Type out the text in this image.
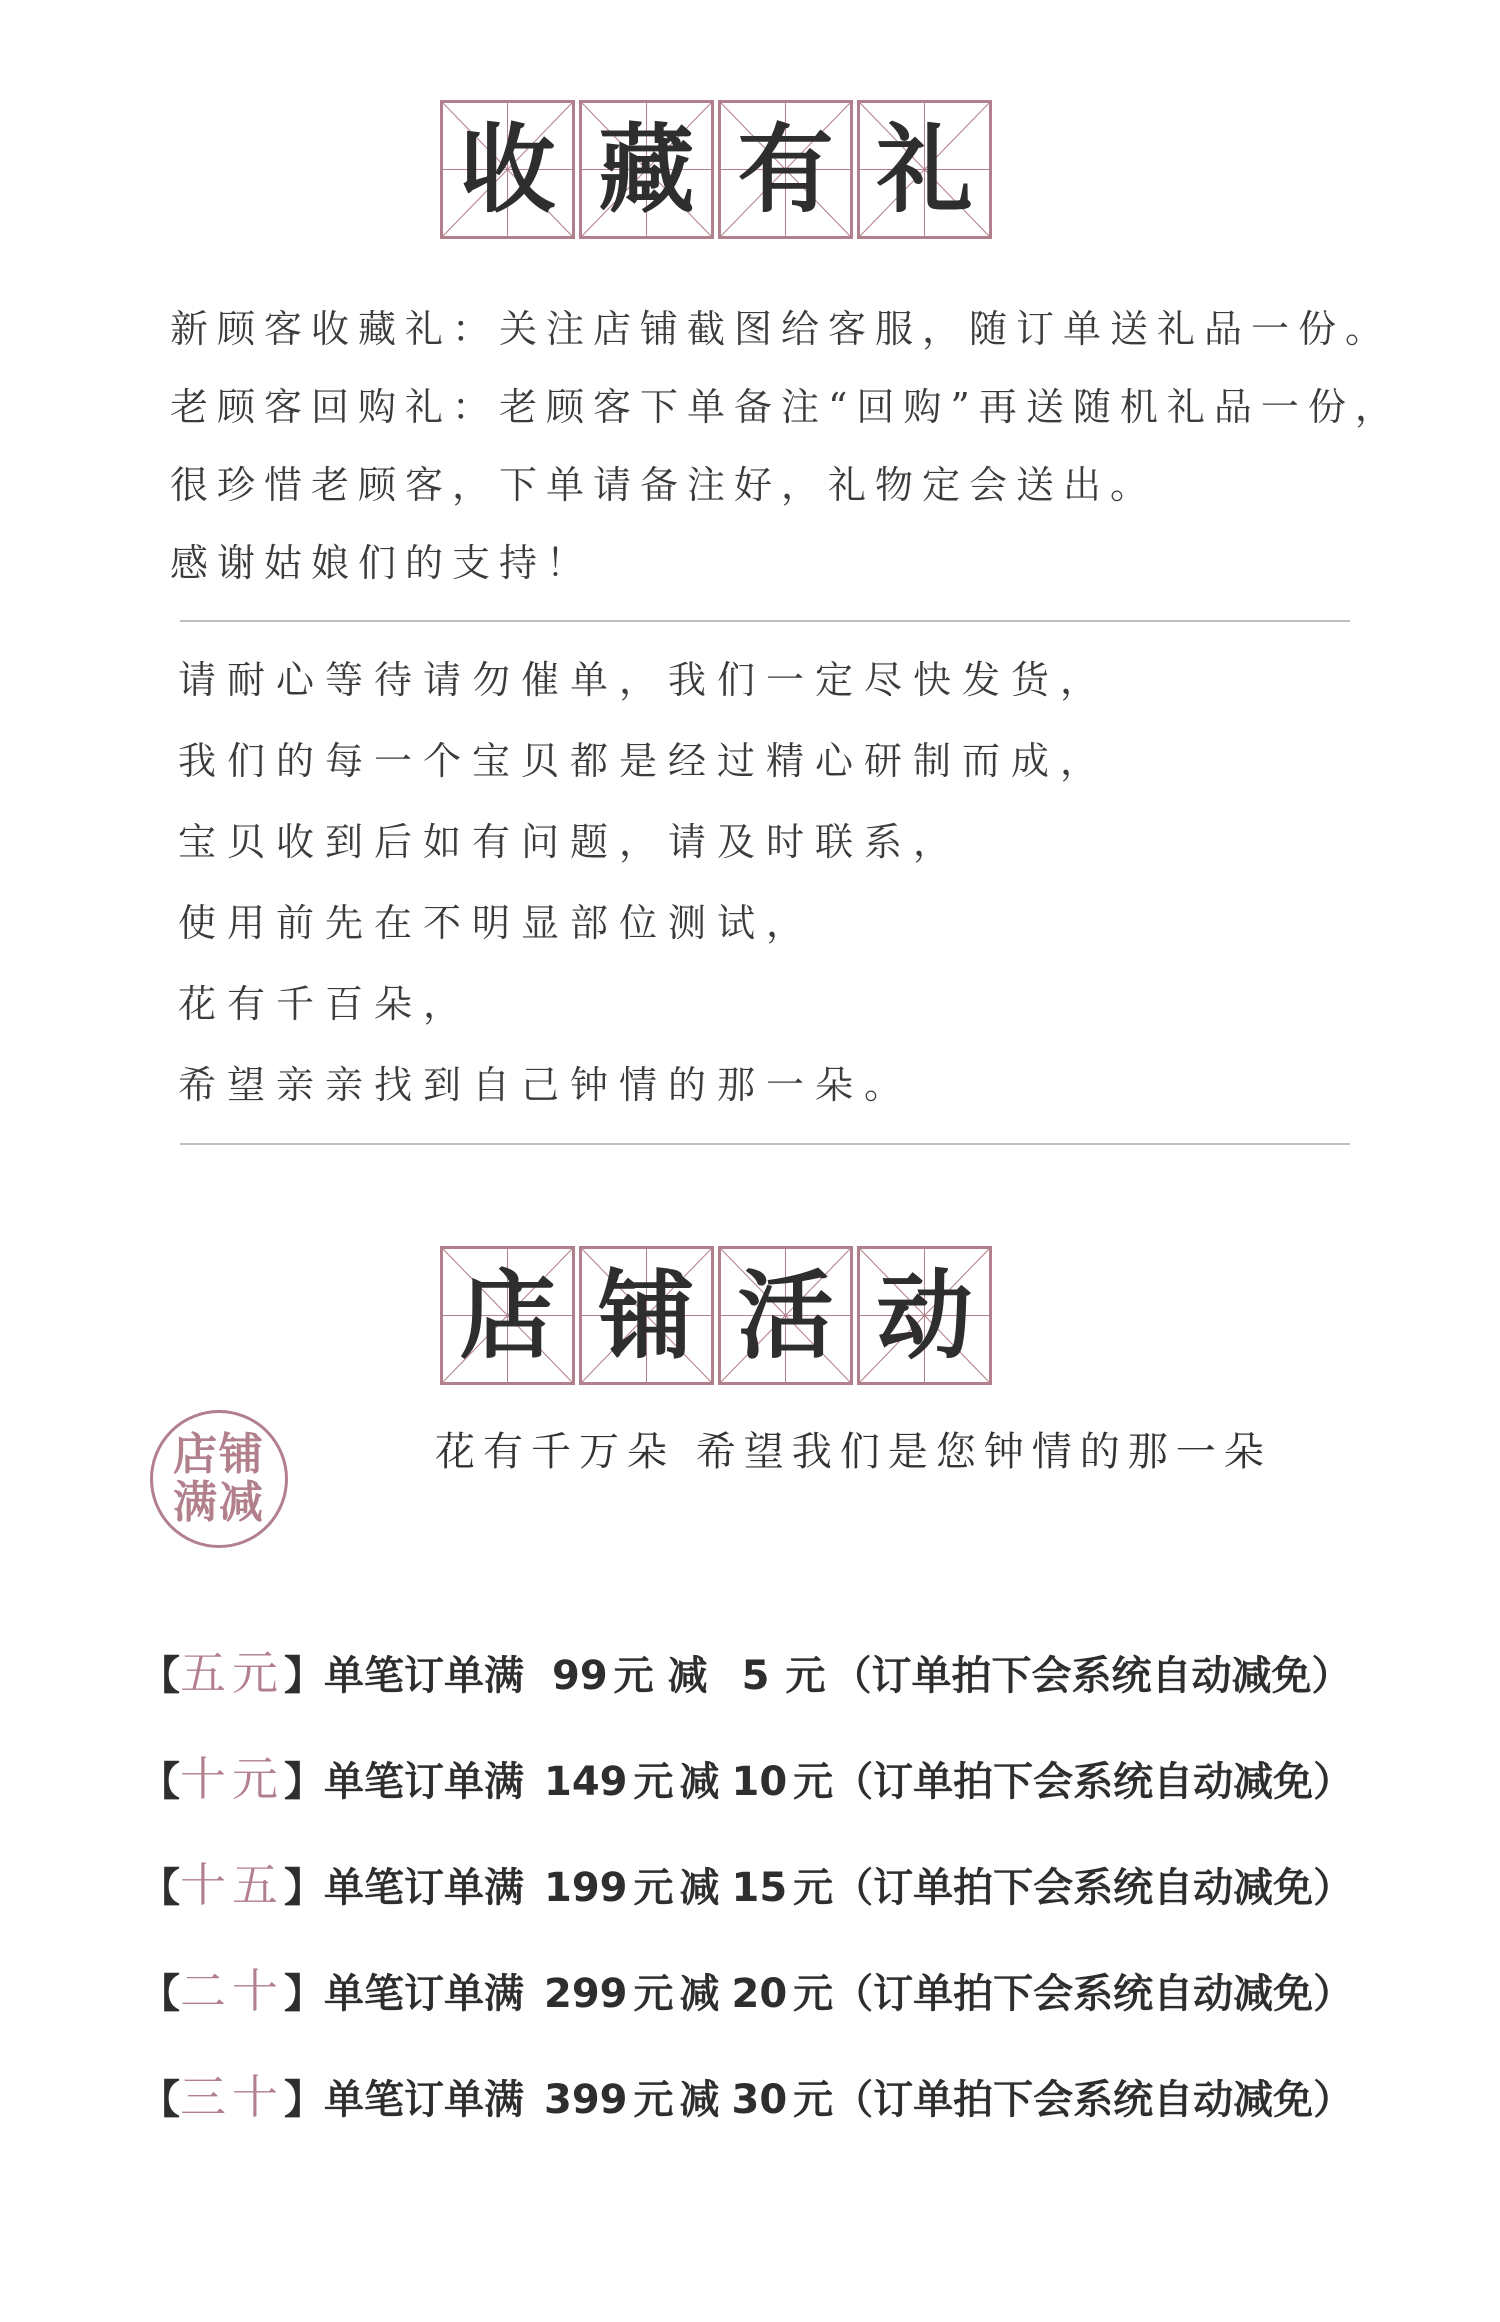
收 藏 有 礼
新顾客收藏礼：关注店铺截图给客服，随订单送礼品一份。
老顾客回购礼：老顾客下单备注“回购”再送随机礼品一份，
很珍惜老顾客，下单请备注好，礼物定会送出。
感谢姑娘们的支持！
请耐心等待请勿催单，我们一定尽快发货，
我们的每一个宝贝都是经过精心研制而成，
宝贝收到后如有问题，请及时联系，
使用前先在不明显部位测试，
花有千百朵，
希望亲亲找到自己钟情的那一朵。
店 铺 活 动
店铺满减
花有千万朵 希望我们是您钟情的那一朵
【五元】单笔订单满 99 元 减 5 元 （订单拍下会系统自动减免）
【十元】单笔订单满 149 元 减 10 元（订单拍下会系统自动减免）
【十五】单笔订单满 199 元 减 15 元（订单拍下会系统自动减免）
【二十】单笔订单满 299 元 减 20 元（订单拍下会系统自动减免）
【三十】单笔订单满 399 元 减 30 元（订单拍下会系统自动减免）
